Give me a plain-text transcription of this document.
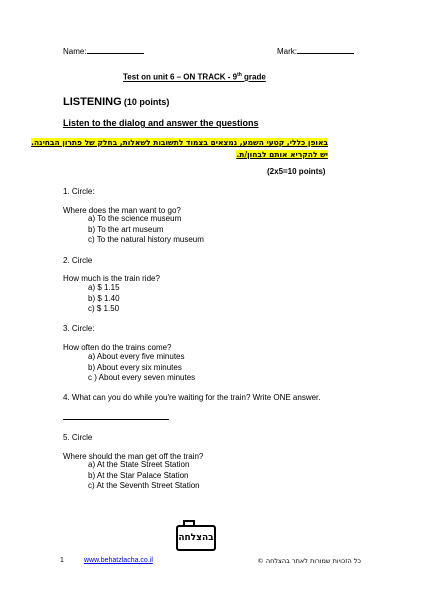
Name:	Mark:
Test on unit 6 – ON TRACK - 9th grade
LISTENING (10 points)
Listen to the dialog and answer the questions
באופן כללי, קטעי השמע, נמצאים בצמוד לתשובות לשאלות, בחלק של פתרון הבחינה.
יש להקריא אותם לבחון/ת.
(2x5=10 points)
1. Circle:
Where does the man want to go?
a) To the science museum
b) To the art museum
c) To the natural history museum
2. Circle
How much is the train ride?
a) $ 1.15
b) $ 1.40
c) $ 1.50
3. Circle:
How often do the trains come?
a) About every five minutes
b) About every six minutes
c ) About every seven minutes
4. What can you do while you're waiting for the train? Write ONE answer.
5. Circle
Where should the man get off the train?
a) At the State Street Station
b) At the Star Palace Station
c) At the Seventh Street Station
בהצלחה
1	www.behatzlacha.co.il	כל הזכויות שמורות לאתר בהצלחה ©
